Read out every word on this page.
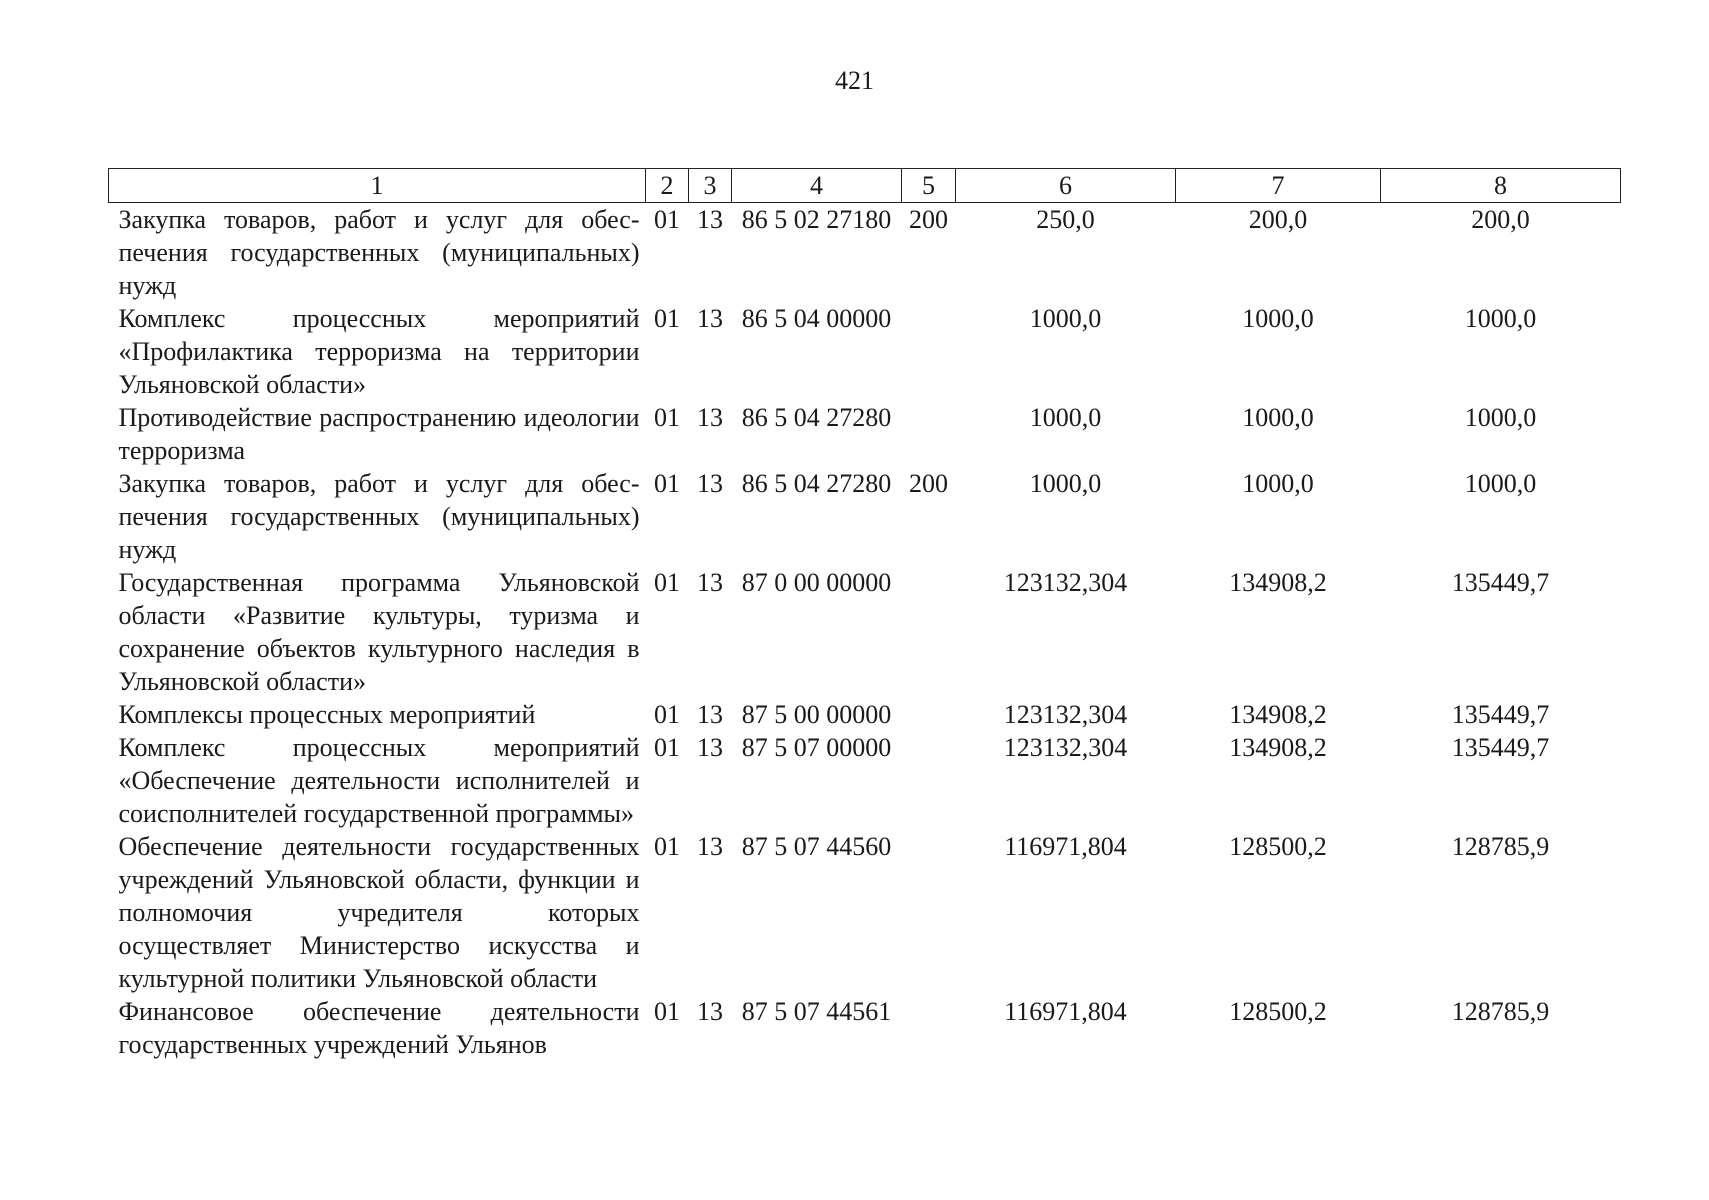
421
1	2	3	4	5	6	7	8
Закупка товаров, работ и услуг для обеспечения государственных (муниципальных) нужд	01	13	86 5 02 27180	200	250,0	200,0	200,0
Комплекс процессных мероприятий «Профилактика терроризма на территории Ульяновской области»	01	13	86 5 04 00000		1000,0	1000,0	1000,0
Противодействие распространению идеологии терроризма	01	13	86 5 04 27280		1000,0	1000,0	1000,0
Закупка товаров, работ и услуг для обеспечения государственных (муниципальных) нужд	01	13	86 5 04 27280	200	1000,0	1000,0	1000,0
Государственная программа Ульяновской области «Развитие культуры, туризма и сохранение объектов культурного наследия в Ульяновской области»	01	13	87 0 00 00000		123132,304	134908,2	135449,7
Комплексы процессных мероприятий	01	13	87 5 00 00000		123132,304	134908,2	135449,7
Комплекс процессных мероприятий «Обеспечение деятельности исполнителей и соисполнителей государственной программы»	01	13	87 5 07 00000		123132,304	134908,2	135449,7
Обеспечение деятельности государственных учреждений Ульяновской области, функции и полномочия учредителя которых осуществляет Министерство искусства и культурной политики Ульяновской области	01	13	87 5 07 44560		116971,804	128500,2	128785,9
Финансовое обеспечение деятельности государственных учреждений Ульянов	01	13	87 5 07 44561		116971,804	128500,2	128785,9
